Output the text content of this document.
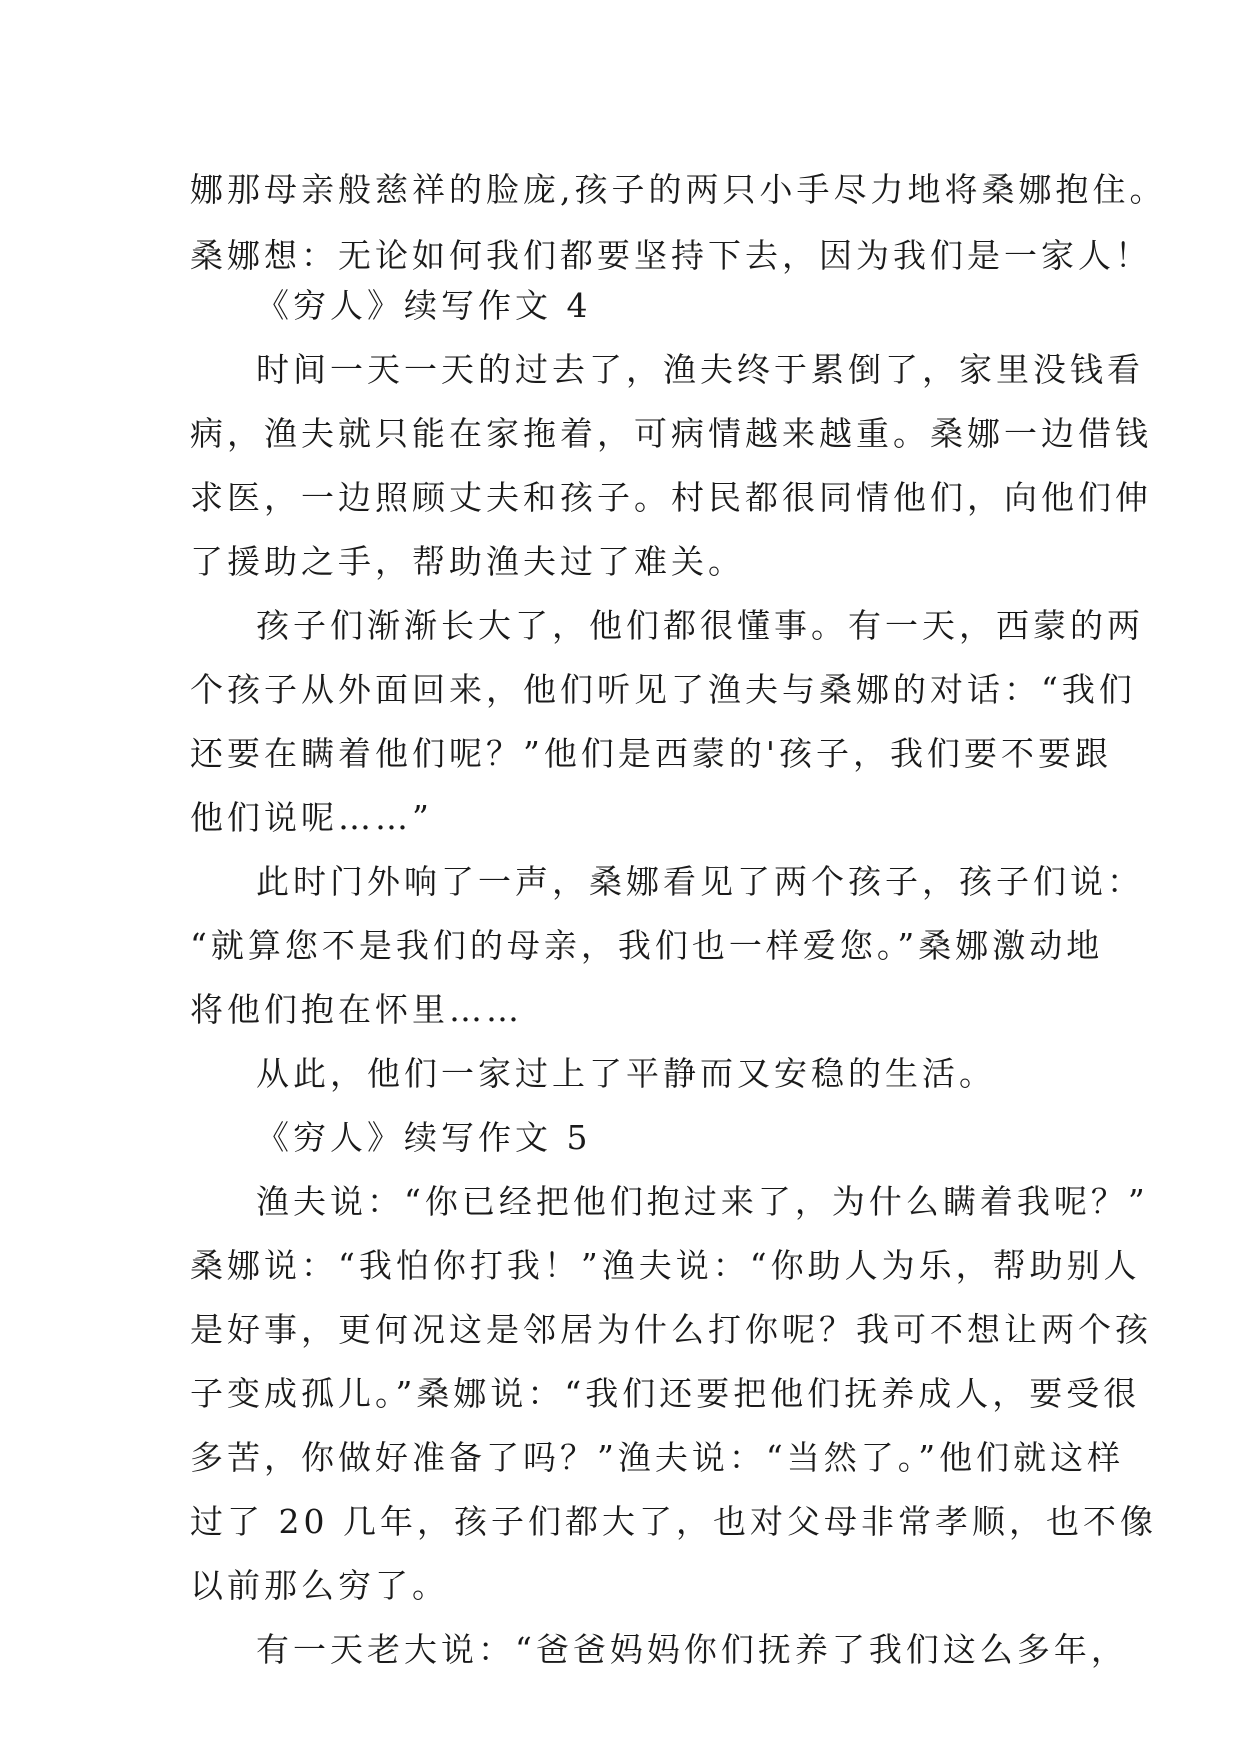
娜那母亲般慈祥的脸庞,孩子的两只小手尽力地将桑娜抱住。

桑娜想：无论如何我们都要坚持下去，因为我们是一家人！

《穷人》续写作文 4

时间一天一天的过去了，渔夫终于累倒了，家里没钱看

病，渔夫就只能在家拖着，可病情越来越重。桑娜一边借钱

求医，一边照顾丈夫和孩子。村民都很同情他们，向他们伸

了援助之手，帮助渔夫过了难关。

孩子们渐渐长大了，他们都很懂事。有一天，西蒙的两

个孩子从外面回来，他们听见了渔夫与桑娜的对话：“我们

还要在瞒着他们呢？”他们是西蒙的'孩子，我们要不要跟

他们说呢……”

此时门外响了一声，桑娜看见了两个孩子，孩子们说：

“就算您不是我们的母亲，我们也一样爱您。”桑娜激动地

将他们抱在怀里……

从此，他们一家过上了平静而又安稳的生活。

《穷人》续写作文 5

渔夫说：“你已经把他们抱过来了，为什么瞒着我呢？”

桑娜说：“我怕你打我！”渔夫说：“你助人为乐，帮助别人

是好事，更何况这是邻居为什么打你呢？我可不想让两个孩

子变成孤儿。”桑娜说：“我们还要把他们抚养成人，要受很

多苦，你做好准备了吗？”渔夫说：“当然了。”他们就这样

过了 20 几年，孩子们都大了，也对父母非常孝顺，也不像

以前那么穷了。

有一天老大说：“爸爸妈妈你们抚养了我们这么多年，
